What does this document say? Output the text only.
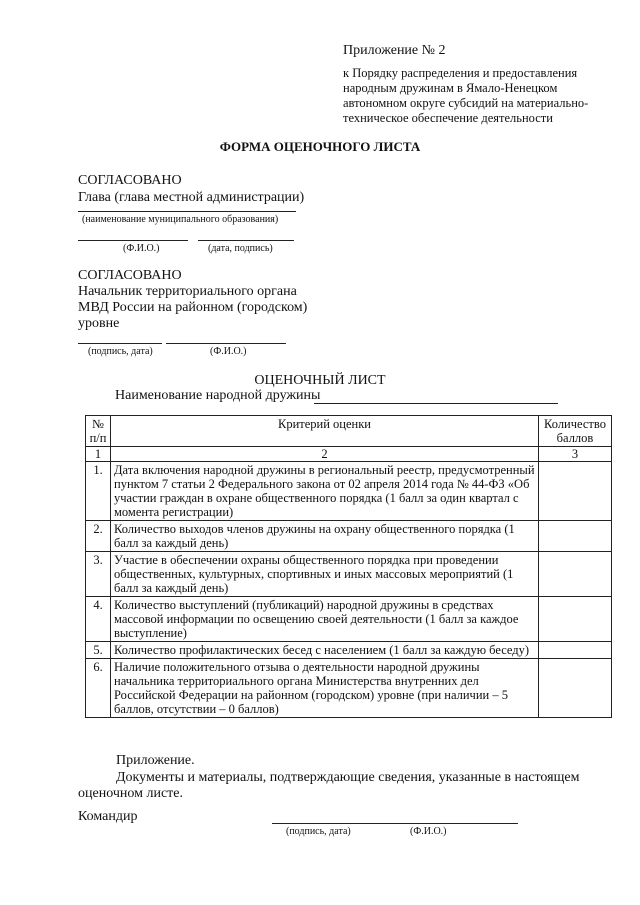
Приложение № 2
к Порядку распределения и предоставления народным дружинам в Ямало-Ненецком автономном округе субсидий на материально-техническое обеспечение деятельности
ФОРМА ОЦЕНОЧНОГО ЛИСТА
СОГЛАСОВАНО
Глава (глава местной администрации)
(наименование муниципального образования)
(Ф.И.О.)	(дата, подпись)
СОГЛАСОВАНО
Начальник территориального органа МВД России на районном (городском) уровне
(подпись, дата)	(Ф.И.О.)
ОЦЕНОЧНЫЙ ЛИСТ
Наименование народной дружины
№ п/п	Критерий оценки	Количество баллов
1	2	3
1.	Дата включения народной дружины в региональный реестр, предусмотренный пунктом 7 статьи 2 Федерального закона от 02 апреля 2014 года № 44-ФЗ «Об участии граждан в охране общественного порядка (1 балл за один квартал с момента регистрации)	
2.	Количество выходов членов дружины на охрану общественного порядка (1 балл за каждый день)	
3.	Участие в обеспечении охраны общественного порядка при проведении общественных, культурных, спортивных и иных массовых мероприятий (1 балл за каждый день)	
4.	Количество выступлений (публикаций) народной дружины в средствах массовой информации по освещению своей деятельности (1 балл за каждое выступление)	
5.	Количество профилактических бесед с населением (1 балл за каждую беседу)	
6.	Наличие положительного отзыва о деятельности народной дружины начальника территориального органа Министерства внутренних дел Российской Федерации на районном (городском) уровне (при наличии – 5 баллов, отсутствии – 0 баллов)	
Приложение.
Документы и материалы, подтверждающие сведения, указанные в настоящем оценочном листе.
Командир
(подпись, дата)	(Ф.И.О.)
